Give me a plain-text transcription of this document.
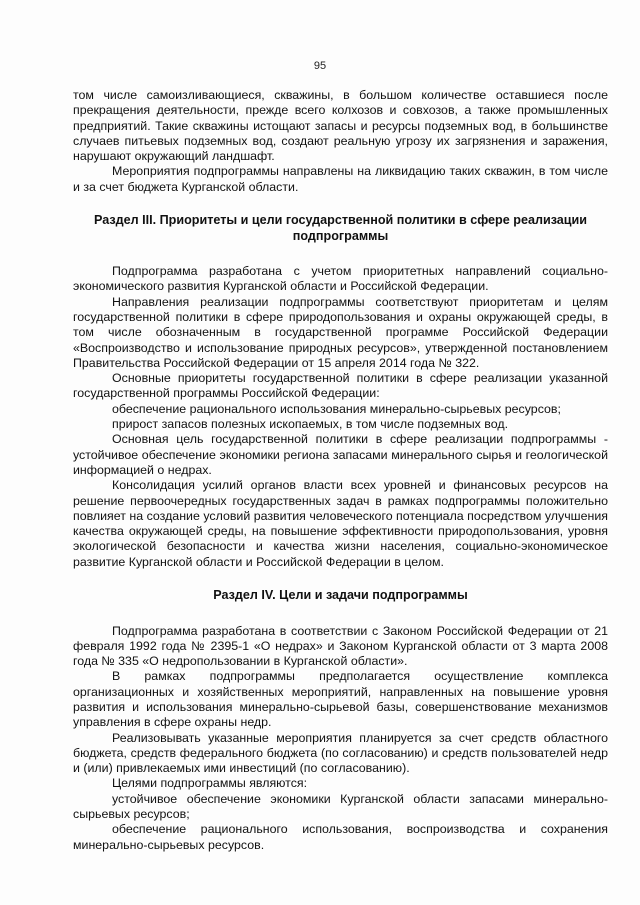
95

том числе самоизливающиеся, скважины, в большом количестве оставшиеся после прекращения деятельности, прежде всего колхозов и совхозов, а также промышленных предприятий. Такие скважины истощают запасы и ресурсы подземных вод, в большинстве случаев питьевых подземных вод, создают реальную угрозу их загрязнения и заражения, нарушают окружающий ландшафт.

Мероприятия подпрограммы направлены на ликвидацию таких скважин, в том числе и за счет бюджета Курганской области.

Раздел III. Приоритеты и цели государственной политики в сфере реализации подпрограммы

Подпрограмма разработана с учетом приоритетных направлений социально-экономического развития Курганской области и Российской Федерации.

Направления реализации подпрограммы соответствуют приоритетам и целям государственной политики в сфере природопользования и охраны окружающей среды, в том числе обозначенным в государственной программе Российской Федерации «Воспроизводство и использование природных ресурсов», утвержденной постановлением Правительства Российской Федерации от 15 апреля 2014 года № 322.

Основные приоритеты государственной политики в сфере реализации указанной государственной программы Российской Федерации:

обеспечение рационального использования минерально-сырьевых ресурсов;

прирост запасов полезных ископаемых, в том числе подземных вод.

Основная цель государственной политики в сфере реализации подпрограммы - устойчивое обеспечение экономики региона запасами минерального сырья и геологической информацией о недрах.

Консолидация усилий органов власти всех уровней и финансовых ресурсов на решение первоочередных государственных задач в рамках подпрограммы положительно повлияет на создание условий развития человеческого потенциала посредством улучшения качества окружающей среды, на повышение эффективности природопользования, уровня экологической безопасности и качества жизни населения, социально-экономическое развитие Курганской области и Российской Федерации в целом.

Раздел IV. Цели и задачи подпрограммы

Подпрограмма разработана в соответствии с Законом Российской Федерации от 21 февраля 1992 года № 2395-1 «О недрах» и Законом Курганской области от 3 марта 2008 года № 335 «О недропользовании в Курганской области».

В рамках подпрограммы предполагается осуществление комплекса организационных и хозяйственных мероприятий, направленных на повышение уровня развития и использования минерально-сырьевой базы, совершенствование механизмов управления в сфере охраны недр.

Реализовывать указанные мероприятия планируется за счет средств областного бюджета, средств федерального бюджета (по согласованию) и средств пользователей недр и (или) привлекаемых ими инвестиций (по согласованию).

Целями подпрограммы являются:

устойчивое обеспечение экономики Курганской области запасами минерально-сырьевых ресурсов;

обеспечение рационального использования, воспроизводства и сохранения минерально-сырьевых ресурсов.
